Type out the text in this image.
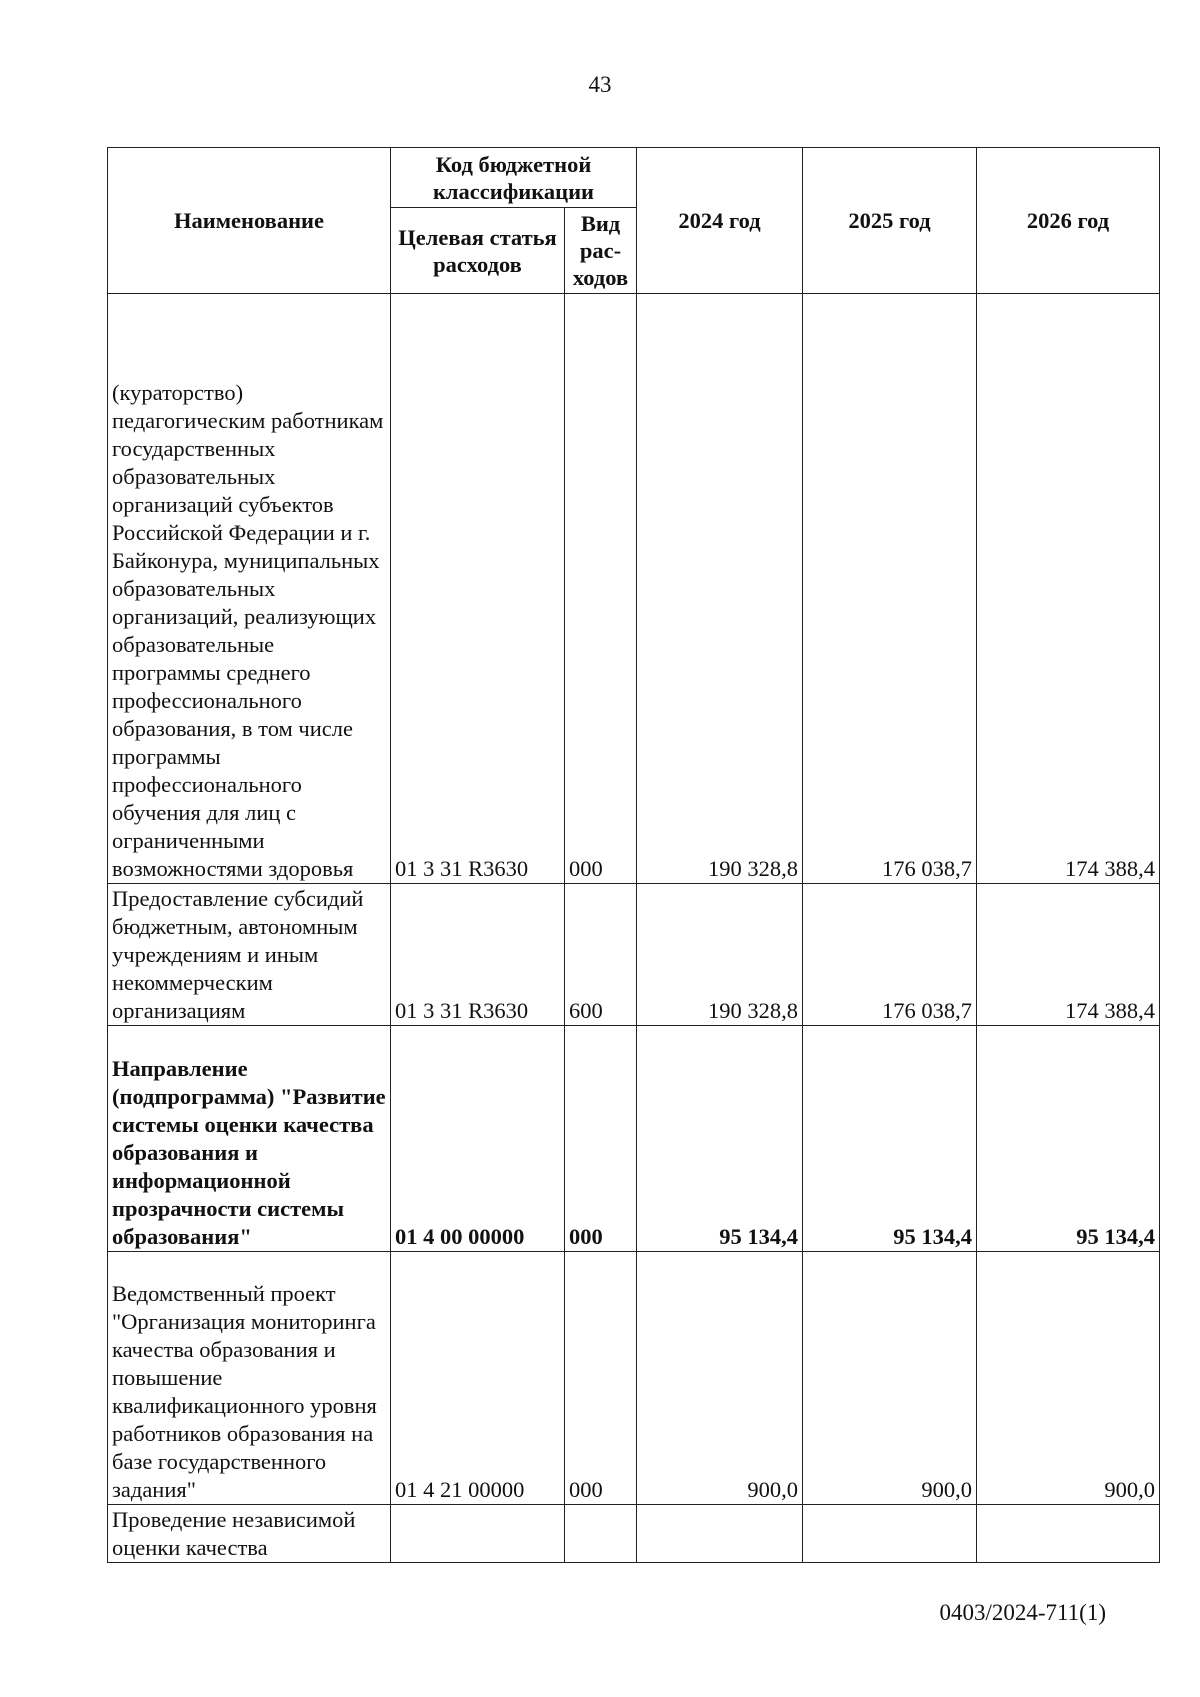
43
Наименование	Код бюджетной классификации		2024 год	2025 год	2026 год
	Целевая статья расходов	Вид рас-ходов			
(кураторство) педагогическим работникам государственных образовательных организаций субъектов Российской Федерации и г. Байконура, муниципальных образовательных организаций, реализующих образовательные программы среднего профессионального образования, в том числе программы профессионального обучения для лиц с ограниченными возможностями здоровья	01 3 31 R3630	000	190 328,8	176 038,7	174 388,4
Предоставление субсидий бюджетным, автономным учреждениям и иным некоммерческим организациям	01 3 31 R3630	600	190 328,8	176 038,7	174 388,4
Направление (подпрограмма) "Развитие системы оценки качества образования и информационной прозрачности системы образования"	01 4 00 00000	000	95 134,4	95 134,4	95 134,4
Ведомственный проект "Организация мониторинга качества образования и повышение квалификационного уровня работников образования на базе государственного задания"	01 4 21 00000	000	900,0	900,0	900,0
Проведение независимой оценки качества					
0403/2024-711(1)
